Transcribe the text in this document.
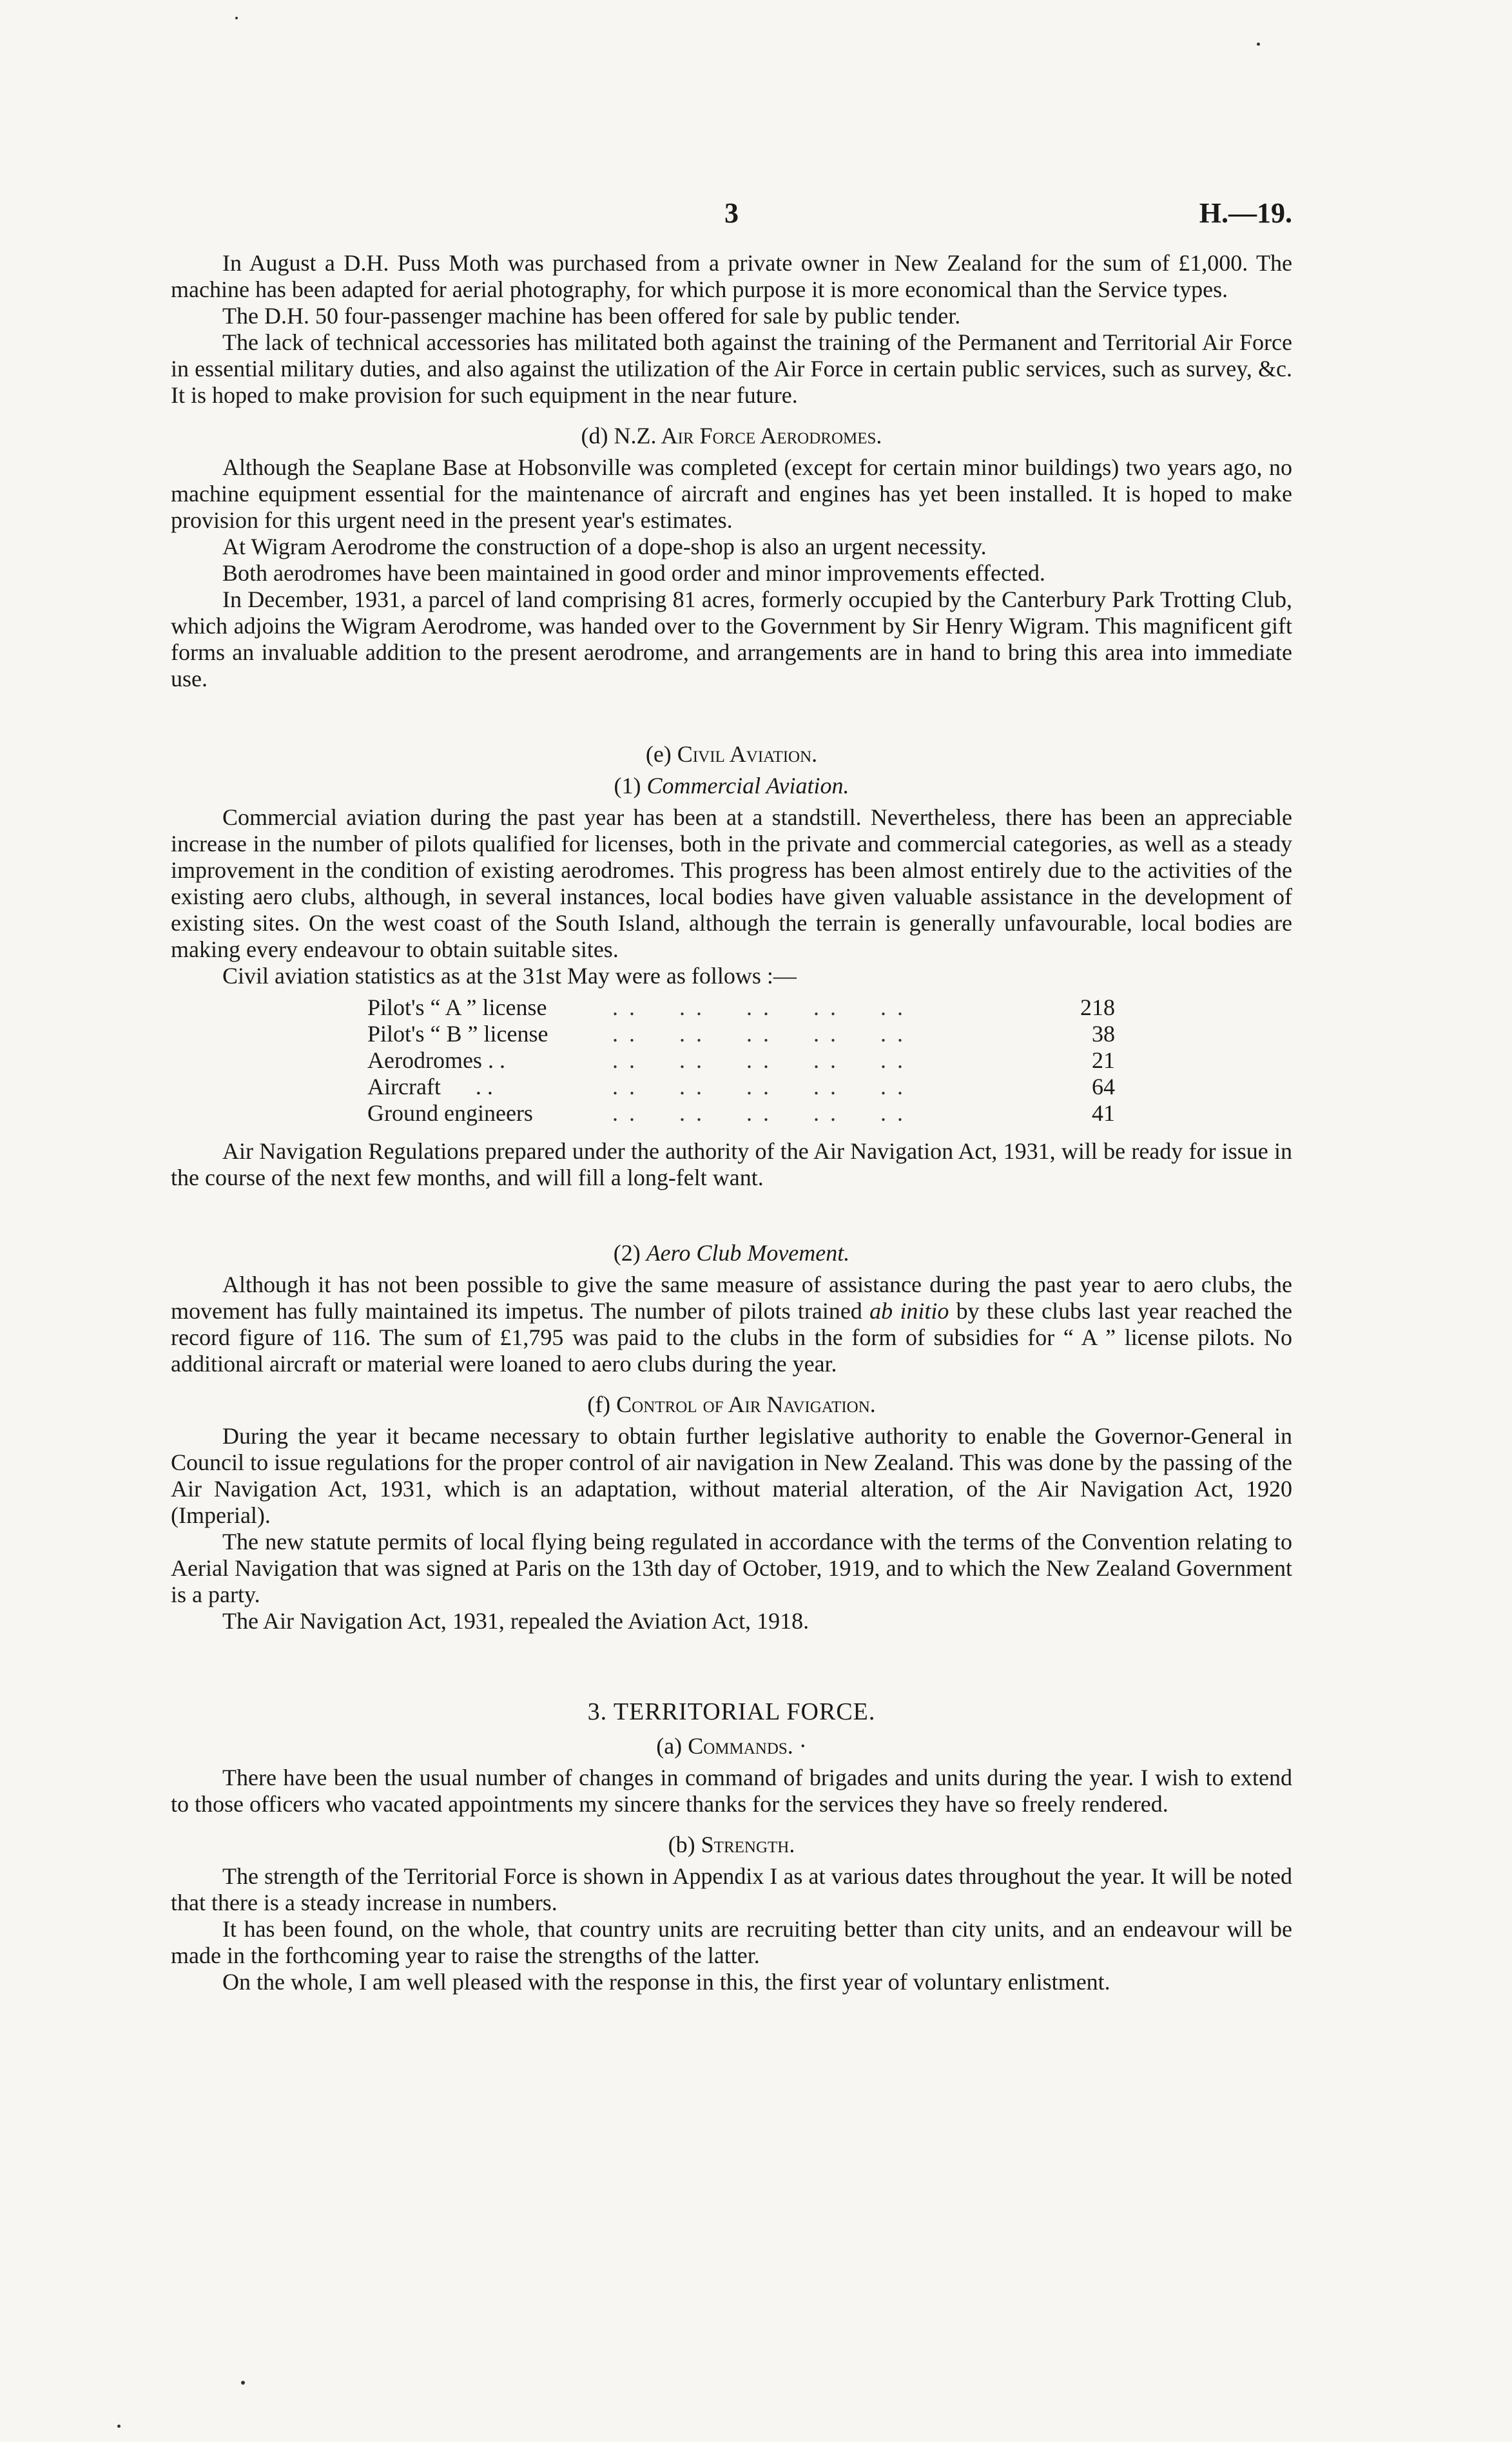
3	H.—19.

In August a D.H. Puss Moth was purchased from a private owner in New Zealand for the sum of £1,000. The machine has been adapted for aerial photography, for which purpose it is more economical than the Service types.

The D.H. 50 four-passenger machine has been offered for sale by public tender.

The lack of technical accessories has militated both against the training of the Permanent and Territorial Air Force in essential military duties, and also against the utilization of the Air Force in certain public services, such as survey, &c. It is hoped to make provision for such equipment in the near future.

(d) N.Z. Air Force Aerodromes.

Although the Seaplane Base at Hobsonville was completed (except for certain minor buildings) two years ago, no machine equipment essential for the maintenance of aircraft and engines has yet been installed. It is hoped to make provision for this urgent need in the present year's estimates.

At Wigram Aerodrome the construction of a dope-shop is also an urgent necessity.

Both aerodromes have been maintained in good order and minor improvements effected.

In December, 1931, a parcel of land comprising 81 acres, formerly occupied by the Canterbury Park Trotting Club, which adjoins the Wigram Aerodrome, was handed over to the Government by Sir Henry Wigram. This magnificent gift forms an invaluable addition to the present aerodrome, and arrangements are in hand to bring this area into immediate use.

(e) Civil Aviation.
(1) Commercial Aviation.

Commercial aviation during the past year has been at a standstill. Nevertheless, there has been an appreciable increase in the number of pilots qualified for licenses, both in the private and commercial categories, as well as a steady improvement in the condition of existing aerodromes. This progress has been almost entirely due to the activities of the existing aero clubs, although, in several instances, local bodies have given valuable assistance in the development of existing sites. On the west coast of the South Island, although the terrain is generally unfavourable, local bodies are making every endeavour to obtain suitable sites.

Civil aviation statistics as at the 31st May were as follows :—

Pilot's “ A ” license	. .     . .     . .     . .     . .	218
Pilot's “ B ” license	. .     . .     . .     . .     . .	38
Aerodromes . .	. .     . .     . .     . .     . .	21
Aircraft      . .	. .     . .     . .     . .     . .	64
Ground engineers	. .     . .     . .     . .     . .	41

Air Navigation Regulations prepared under the authority of the Air Navigation Act, 1931, will be ready for issue in the course of the next few months, and will fill a long-felt want.

(2) Aero Club Movement.

Although it has not been possible to give the same measure of assistance during the past year to aero clubs, the movement has fully maintained its impetus. The number of pilots trained ab initio by these clubs last year reached the record figure of 116. The sum of £1,795 was paid to the clubs in the form of subsidies for “ A ” license pilots. No additional aircraft or material were loaned to aero clubs during the year.

(f) Control of Air Navigation.

During the year it became necessary to obtain further legislative authority to enable the Governor-General in Council to issue regulations for the proper control of air navigation in New Zealand. This was done by the passing of the Air Navigation Act, 1931, which is an adaptation, without material alteration, of the Air Navigation Act, 1920 (Imperial).

The new statute permits of local flying being regulated in accordance with the terms of the Convention relating to Aerial Navigation that was signed at Paris on the 13th day of October, 1919, and to which the New Zealand Government is a party.

The Air Navigation Act, 1931, repealed the Aviation Act, 1918.

3. TERRITORIAL FORCE.
(a) Commands. ·

There have been the usual number of changes in command of brigades and units during the year. I wish to extend to those officers who vacated appointments my sincere thanks for the services they have so freely rendered.

(b) Strength.

The strength of the Territorial Force is shown in Appendix I as at various dates throughout the year. It will be noted that there is a steady increase in numbers.

It has been found, on the whole, that country units are recruiting better than city units, and an endeavour will be made in the forthcoming year to raise the strengths of the latter.

On the whole, I am well pleased with the response in this, the first year of voluntary enlistment.
